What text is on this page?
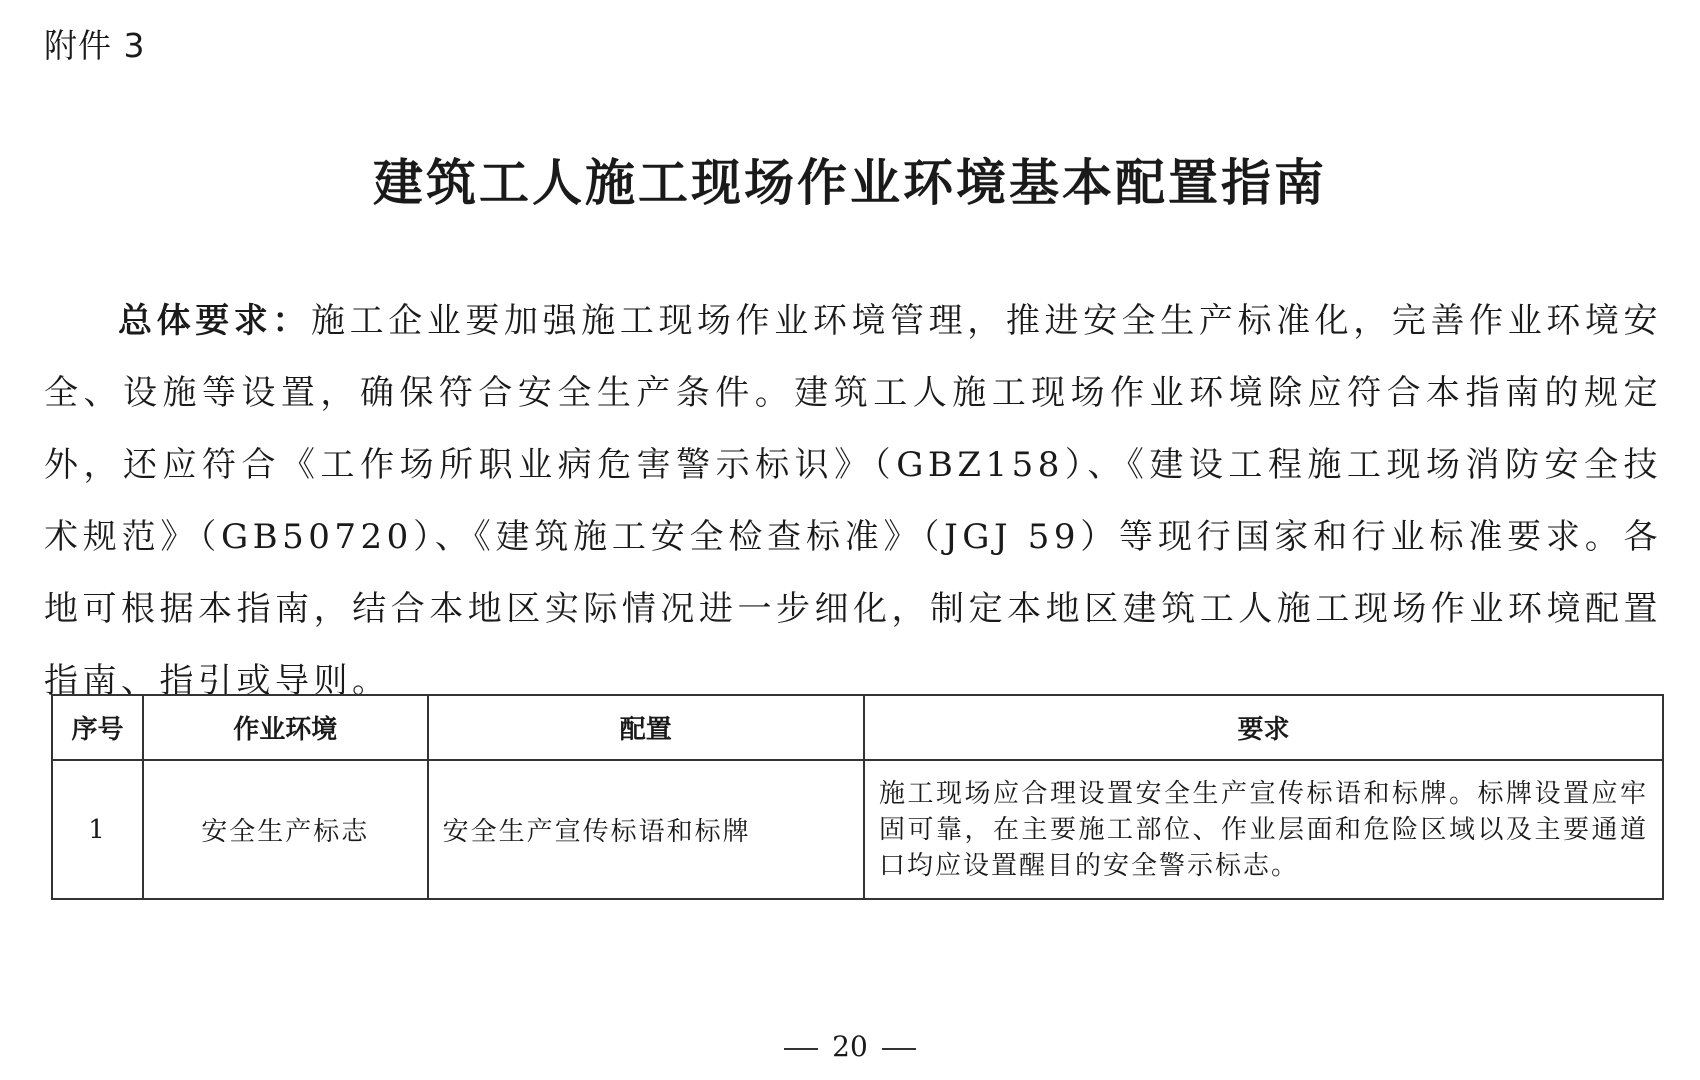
附件 3
建筑工人施工现场作业环境基本配置指南

总体要求：施工企业要加强施工现场作业环境管理，推进安全生产标准化，完善作业环境安全、设施等设置，确保符合安全生产条件。建筑工人施工现场作业环境除应符合本指南的规定外，还应符合《工作场所职业病危害警示标识》（GBZ158）、《建设工程施工现场消防安全技术规范》（GB50720）、《建筑施工安全检查标准》（JGJ 59）等现行国家和行业标准要求。各地可根据本指南，结合本地区实际情况进一步细化，制定本地区建筑工人施工现场作业环境配置指南、指引或导则。

序号	作业环境	配置	要求
1	安全生产标志	安全生产宣传标语和标牌	施工现场应合理设置安全生产宣传标语和标牌。标牌设置应牢固可靠，在主要施工部位、作业层面和危险区域以及主要通道口均应设置醒目的安全警示标志。
20
